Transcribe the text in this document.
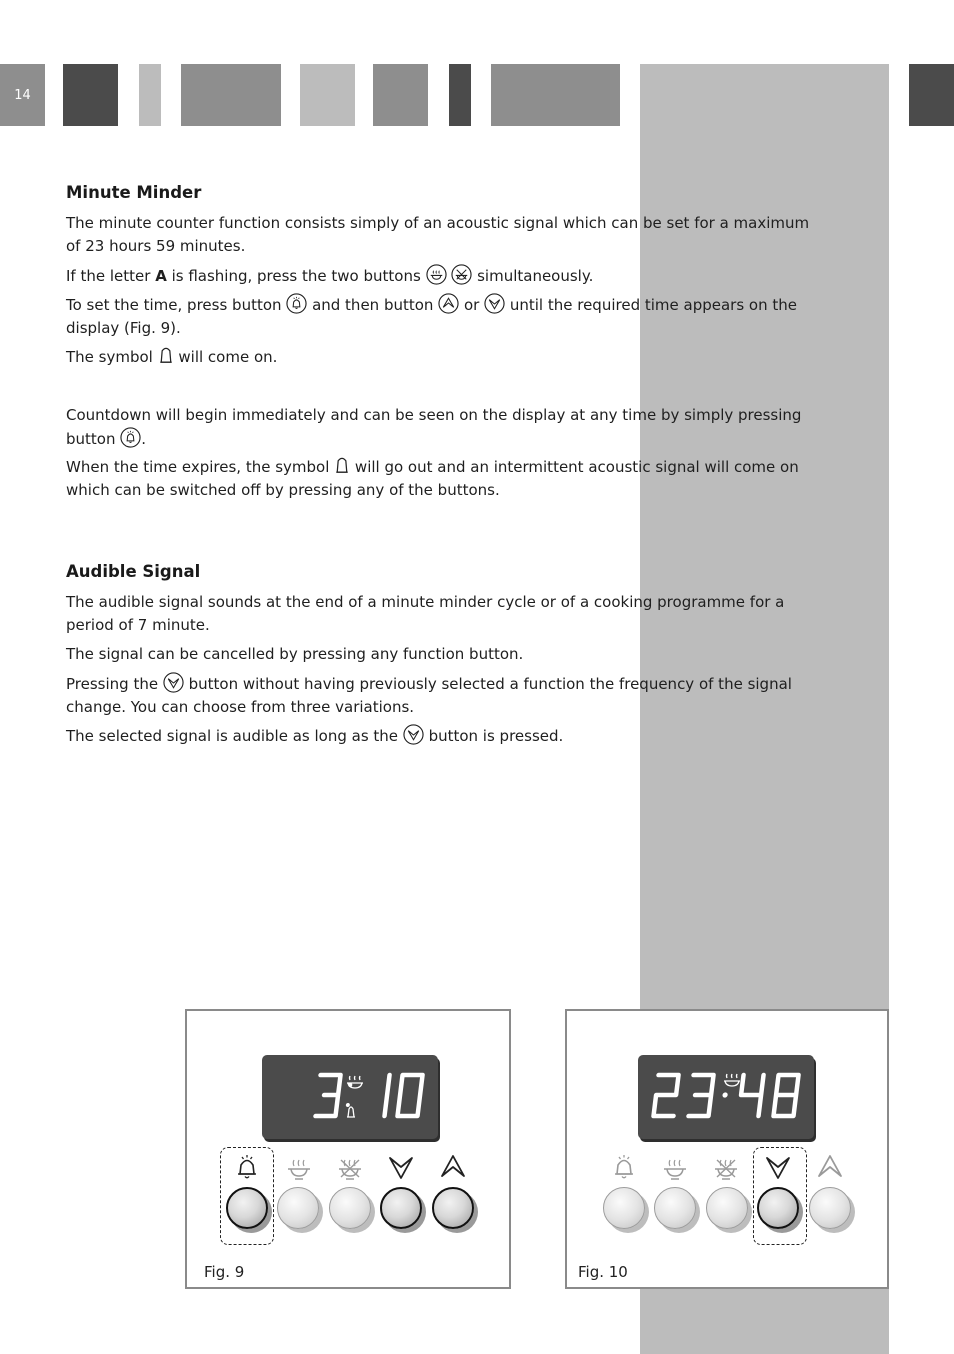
14
Minute Minder

The minute counter function consists simply of an acoustic signal which can be set for a maximum of 23 hours 59 minutes.

If the letter A is flashing, press the two buttons
	simultaneously.

To set the time, press button
and then button
or
until the required time appears on the display (Fig. 9).

The symbol
will come on.

Countdown will begin immediately and can be seen on the display at any time by simply pressing button
.

When the time expires, the symbol
will go out and an intermittent acoustic signal will come on which can be switched off by pressing any of the buttons.

Audible Signal

The audible signal sounds at the end of a minute minder cycle or of a cooking programme for a period of 7 minute.

The signal can be cancelled by pressing any function button.

Pressing the
button without having previously selected a function the frequency of the signal change. You can choose from three variations.

The selected signal is audible as long as the
button is pressed.

Fig. 9	Fig. 10
